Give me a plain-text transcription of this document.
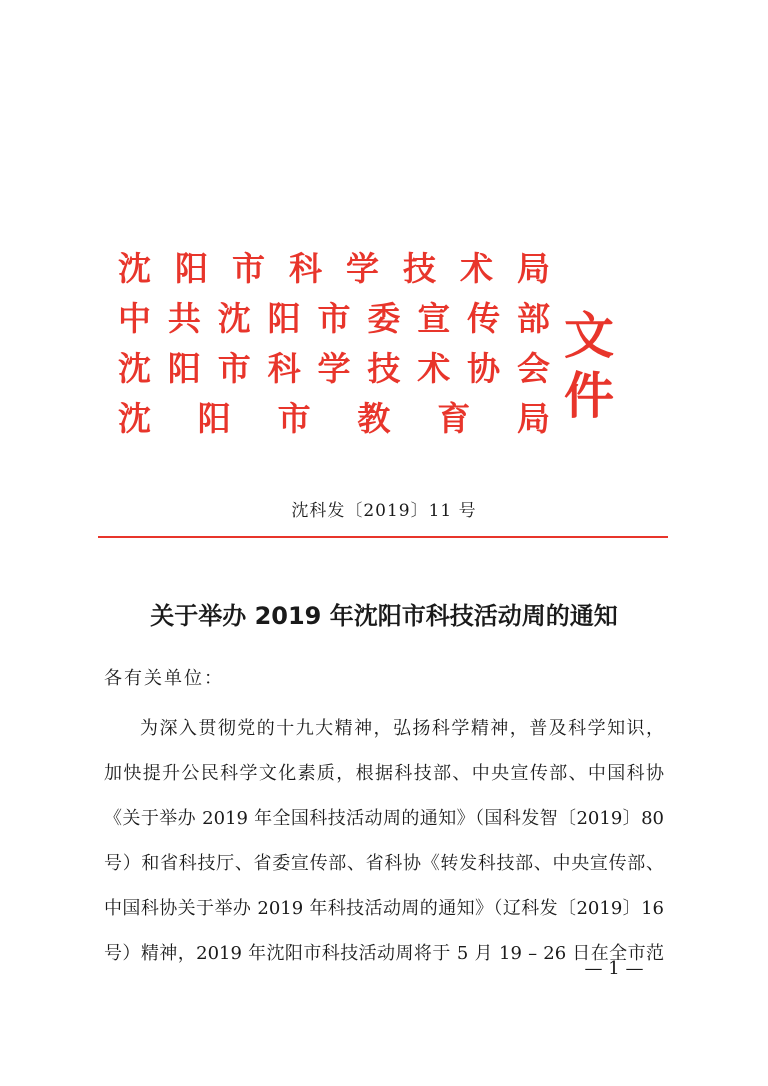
沈 阳 市 科 学 技 术 局
中 共 沈 阳 市 委 宣 传 部
沈 阳 市 科 学 技 术 协 会
沈 阳 市 教 育 局
文件
沈科发〔2019〕11 号
关于举办 2019 年沈阳市科技活动周的通知
各有关单位：
为深入贯彻党的十九大精神，弘扬科学精神，普及科学知识，
加快提升公民科学文化素质，根据科技部、中央宣传部、中国科协
《关于举办 2019 年全国科技活动周的通知》（国科发智〔2019〕80
号）和省科技厅、省委宣传部、省科协《转发科技部、中央宣传部、
中国科协关于举办 2019 年科技活动周的通知》（辽科发〔2019〕16
号）精神，2019 年沈阳市科技活动周将于 5 月 19 – 26 日在全市范
— 1 —
